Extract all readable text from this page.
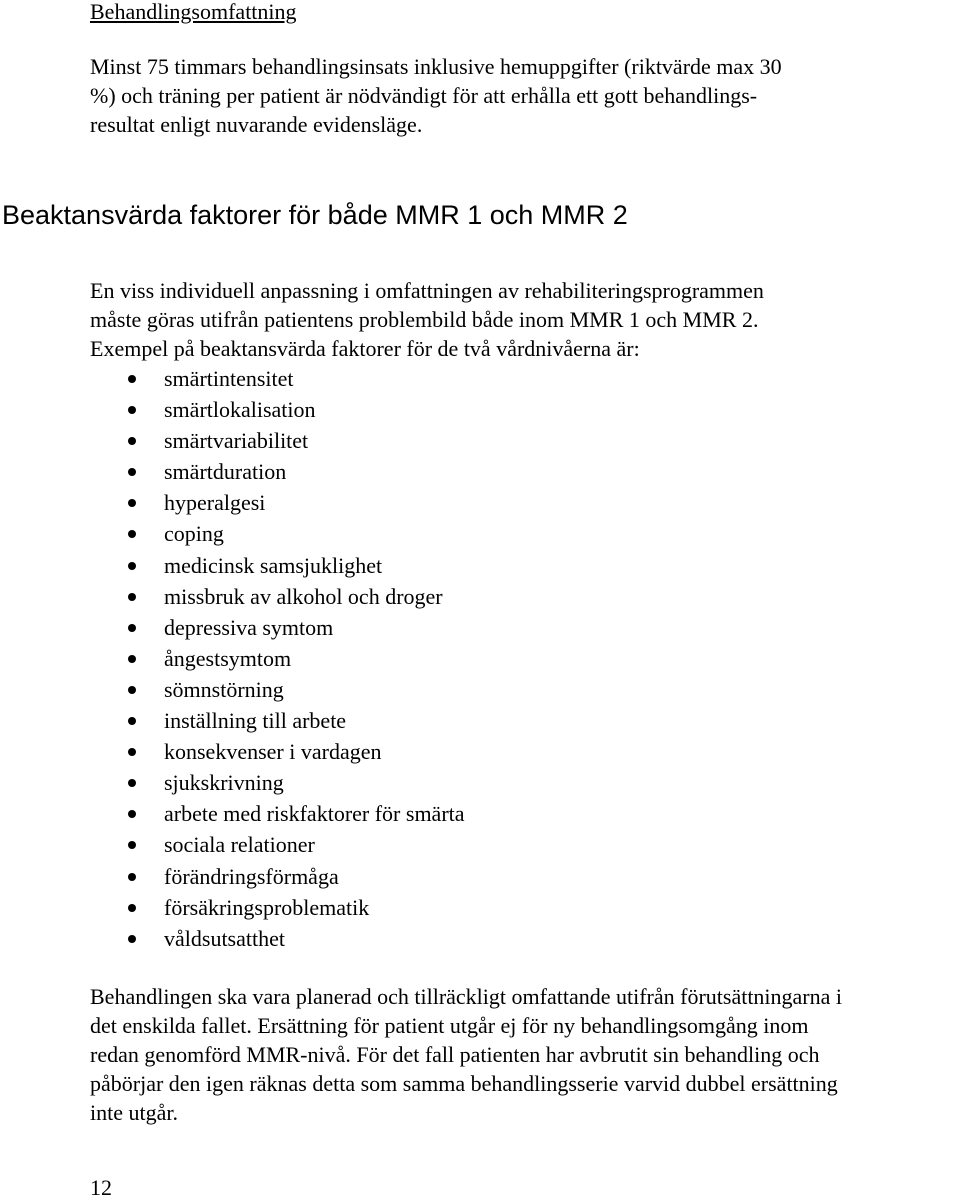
Behandlingsomfattning
Minst 75 timmars behandlingsinsats inklusive hemuppgifter (riktvärde max 30
%) och träning per patient är nödvändigt för att erhålla ett gott behandlings-
resultat enligt nuvarande evidensläge.
Beaktansvärda faktorer för både MMR 1 och MMR 2
En viss individuell anpassning i omfattningen av rehabiliteringsprogrammen
måste göras utifrån patientens problembild både inom MMR 1 och MMR 2.
Exempel på beaktansvärda faktorer för de två vårdnivåerna är:
smärtintensitet
smärtlokalisation
smärtvariabilitet
smärtduration
hyperalgesi
coping
medicinsk samsjuklighet
missbruk av alkohol och droger
depressiva symtom
ångestsymtom
sömnstörning
inställning till arbete
konsekvenser i vardagen
sjukskrivning
arbete med riskfaktorer för smärta
sociala relationer
förändringsförmåga
försäkringsproblematik
våldsutsatthet
Behandlingen ska vara planerad och tillräckligt omfattande utifrån förutsättningarna i
det enskilda fallet. Ersättning för patient utgår ej för ny behandlingsomgång inom
redan genomförd MMR-nivå. För det fall patienten har avbrutit sin behandling och
påbörjar den igen räknas detta som samma behandlingsserie varvid dubbel ersättning
inte utgår.
12
